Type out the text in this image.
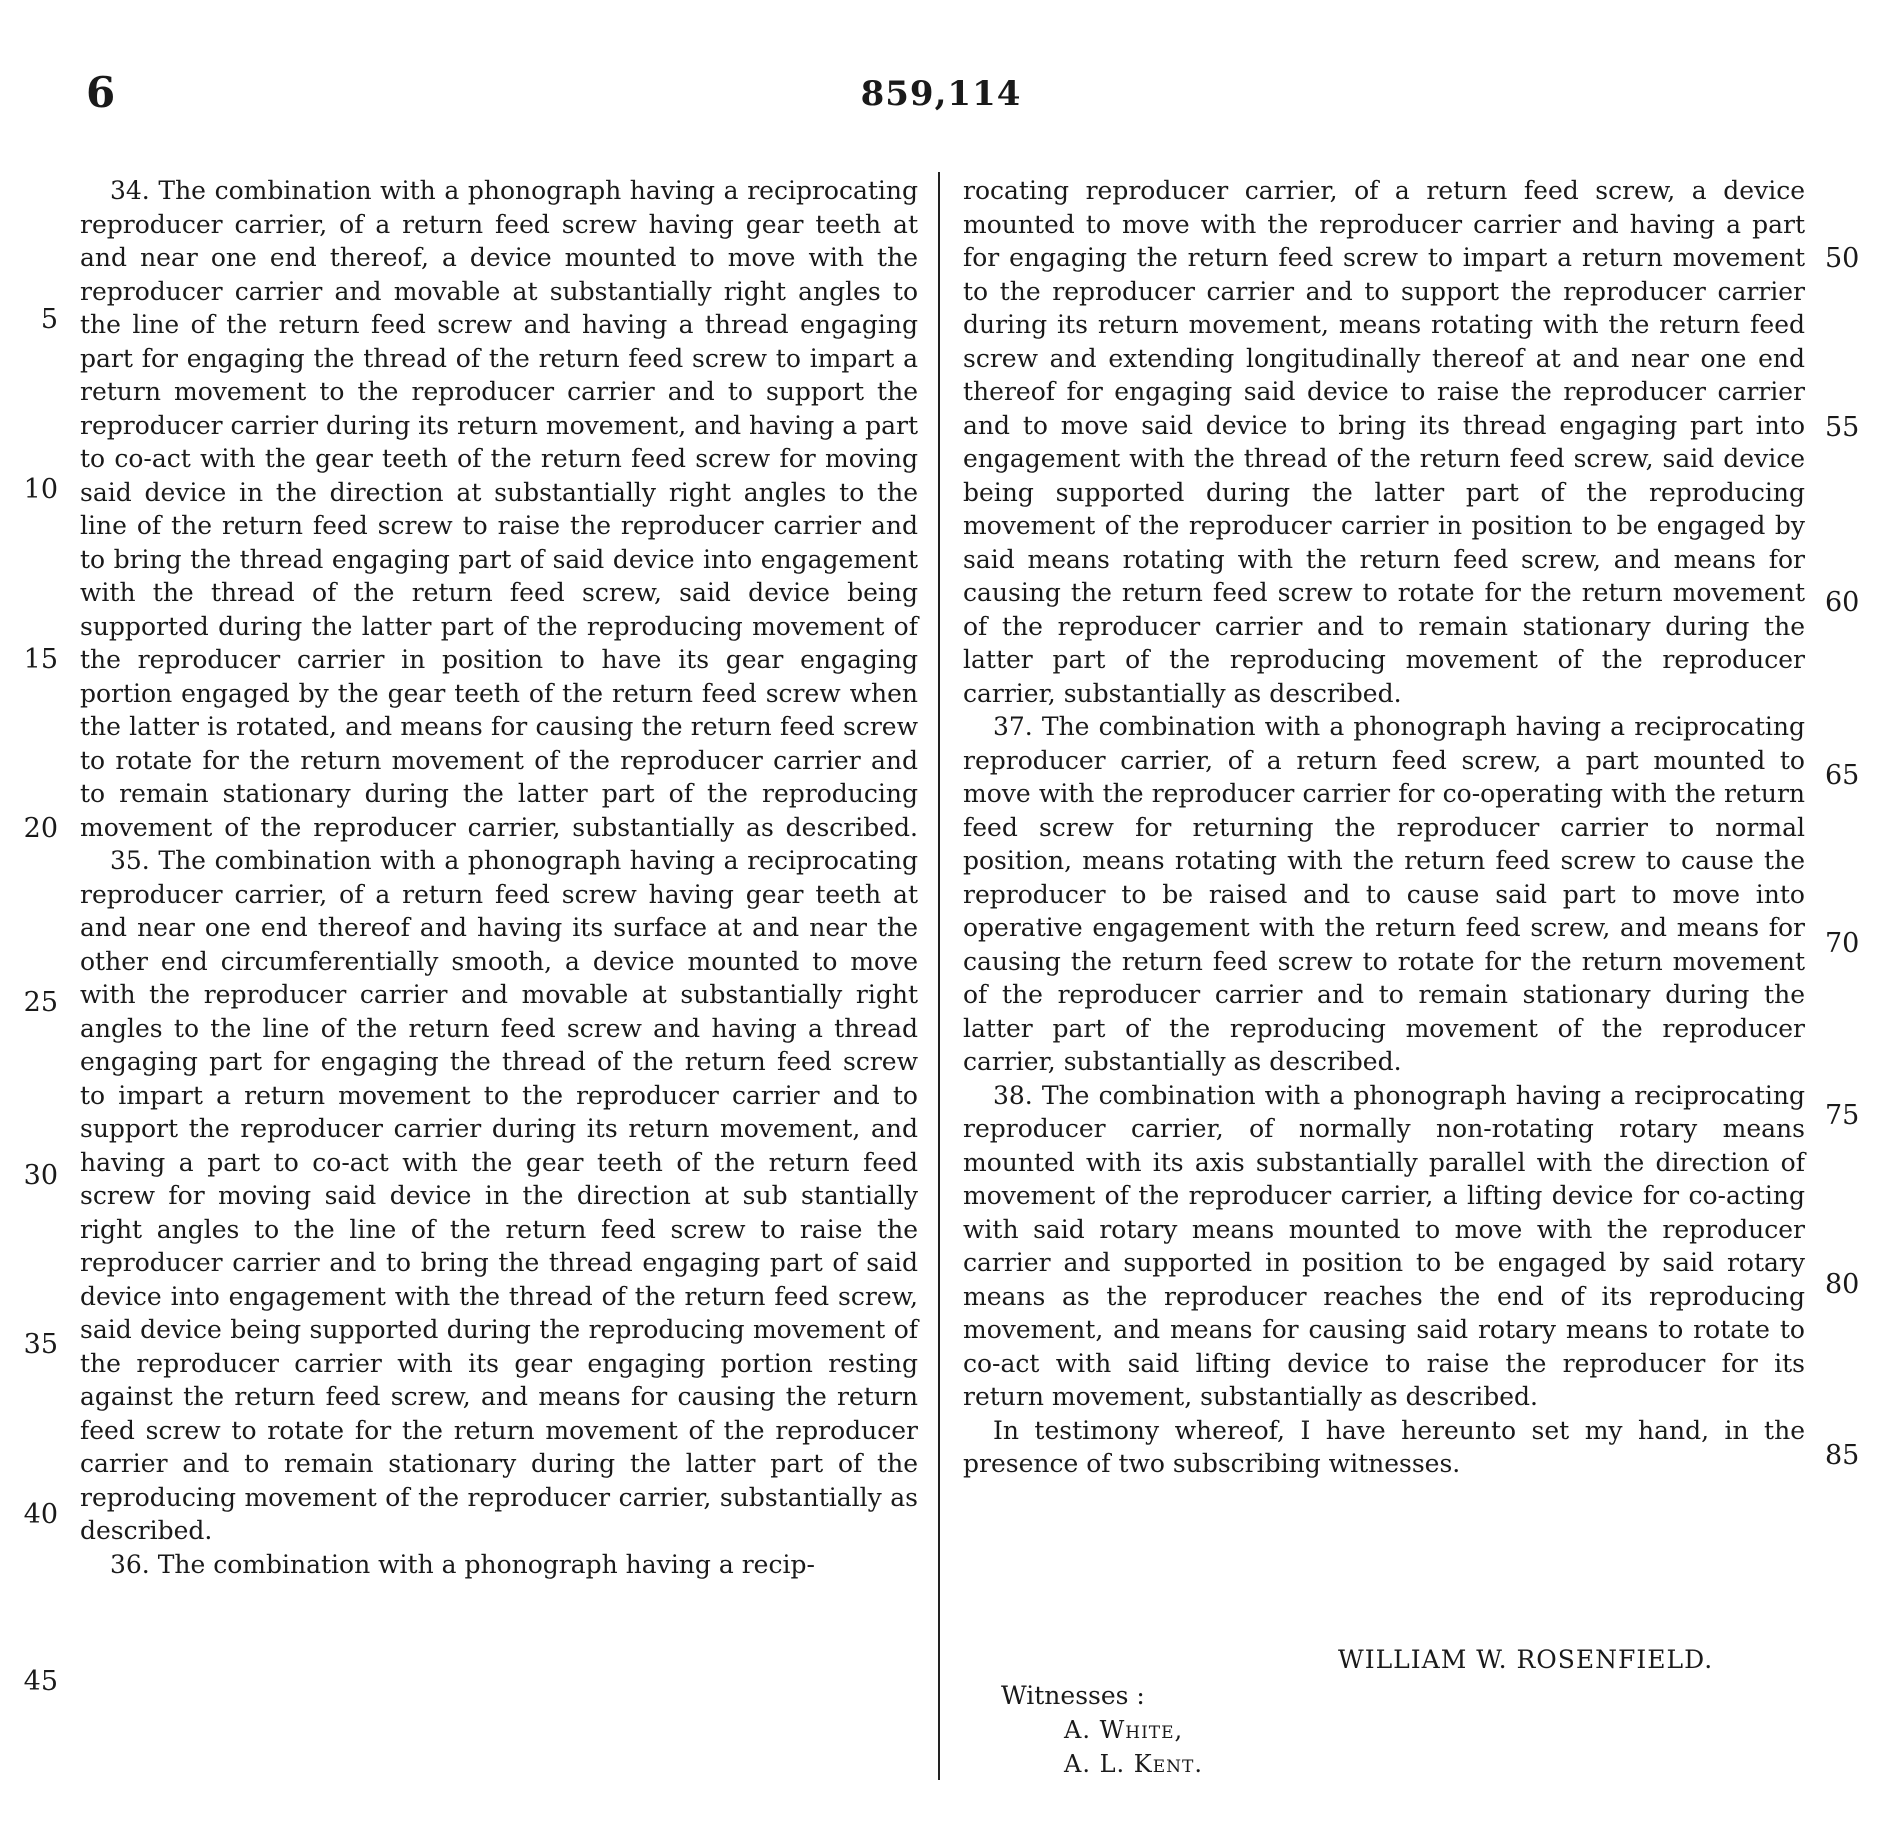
6	859,114

34. The combination with a phonograph having a reciprocating reproducer carrier, of a return feed screw having gear teeth at and near one end thereof, a device mounted to move with the reproducer carrier and movable at substantially right angles to the line of the return feed screw and having a thread engaging part for engaging the thread of the return feed screw to impart a return movement to the reproducer carrier and to support the reproducer carrier during its return movement, and having a part to co-act with the gear teeth of the return feed screw for moving said device in the direction at substantially right angles to the line of the return feed screw to raise the reproducer carrier and to bring the thread engaging part of said device into engagement with the thread of the return feed screw, said device being supported during the latter part of the reproducing movement of the reproducer carrier in position to have its gear engaging portion engaged by the gear teeth of the return feed screw when the latter is rotated, and means for causing the return feed screw to rotate for the return movement of the reproducer carrier and to remain stationary during the latter part of the reproducing movement of the reproducer carrier, substantially as described.

35. The combination with a phonograph having a reciprocating reproducer carrier, of a return feed screw having gear teeth at and near one end thereof and having its surface at and near the other end circumferentially smooth, a device mounted to move with the reproducer carrier and movable at substantially right angles to the line of the return feed screw and having a thread engaging part for engaging the thread of the return feed screw to impart a return movement to the reproducer carrier and to support the reproducer carrier during its return movement, and having a part to co-act with the gear teeth of the return feed screw for moving said device in the direction at sub stantially right angles to the line of the return feed screw to raise the reproducer carrier and to bring the thread engaging part of said device into engagement with the thread of the return feed screw, said device being supported during the reproducing movement of the reproducer carrier with its gear engaging portion resting against the return feed screw, and means for causing the return feed screw to rotate for the return movement of the reproducer carrier and to remain stationary during the latter part of the reproducing movement of the reproducer carrier, substantially as described.

36. The combination with a phonograph having a recip-

rocating reproducer carrier, of a return feed screw, a device mounted to move with the reproducer carrier and having a part for engaging the return feed screw to impart a return movement to the reproducer carrier and to support the reproducer carrier during its return movement, means rotating with the return feed screw and extending longitudinally thereof at and near one end thereof for engaging said device to raise the reproducer carrier and to move said device to bring its thread engaging part into engagement with the thread of the return feed screw, said device being supported during the latter part of the reproducing movement of the reproducer carrier in position to be engaged by said means rotating with the return feed screw, and means for causing the return feed screw to rotate for the return movement of the reproducer carrier and to remain stationary during the latter part of the reproducing movement of the reproducer carrier, substantially as described.

37. The combination with a phonograph having a reciprocating reproducer carrier, of a return feed screw, a part mounted to move with the reproducer carrier for co-operating with the return feed screw for returning the reproducer carrier to normal position, means rotating with the return feed screw to cause the reproducer to be raised and to cause said part to move into operative engagement with the return feed screw, and means for causing the return feed screw to rotate for the return movement of the reproducer carrier and to remain stationary during the latter part of the reproducing movement of the reproducer carrier, substantially as described.

38. The combination with a phonograph having a reciprocating reproducer carrier, of normally non-rotating rotary means mounted with its axis substantially parallel with the direction of movement of the reproducer carrier, a lifting device for co-acting with said rotary means mounted to move with the reproducer carrier and supported in position to be engaged by said rotary means as the reproducer reaches the end of its reproducing movement, and means for causing said rotary means to rotate to co-act with said lifting device to raise the reproducer for its return movement, substantially as described.

In testimony whereof, I have hereunto set my hand, in the presence of two subscribing witnesses.

WILLIAM W. ROSENFIELD.
Witnesses :
A. White,
A. L. Kent.
5
10
15
20
25
30
35
40
45
50
55
60
65
70
75
80
85
